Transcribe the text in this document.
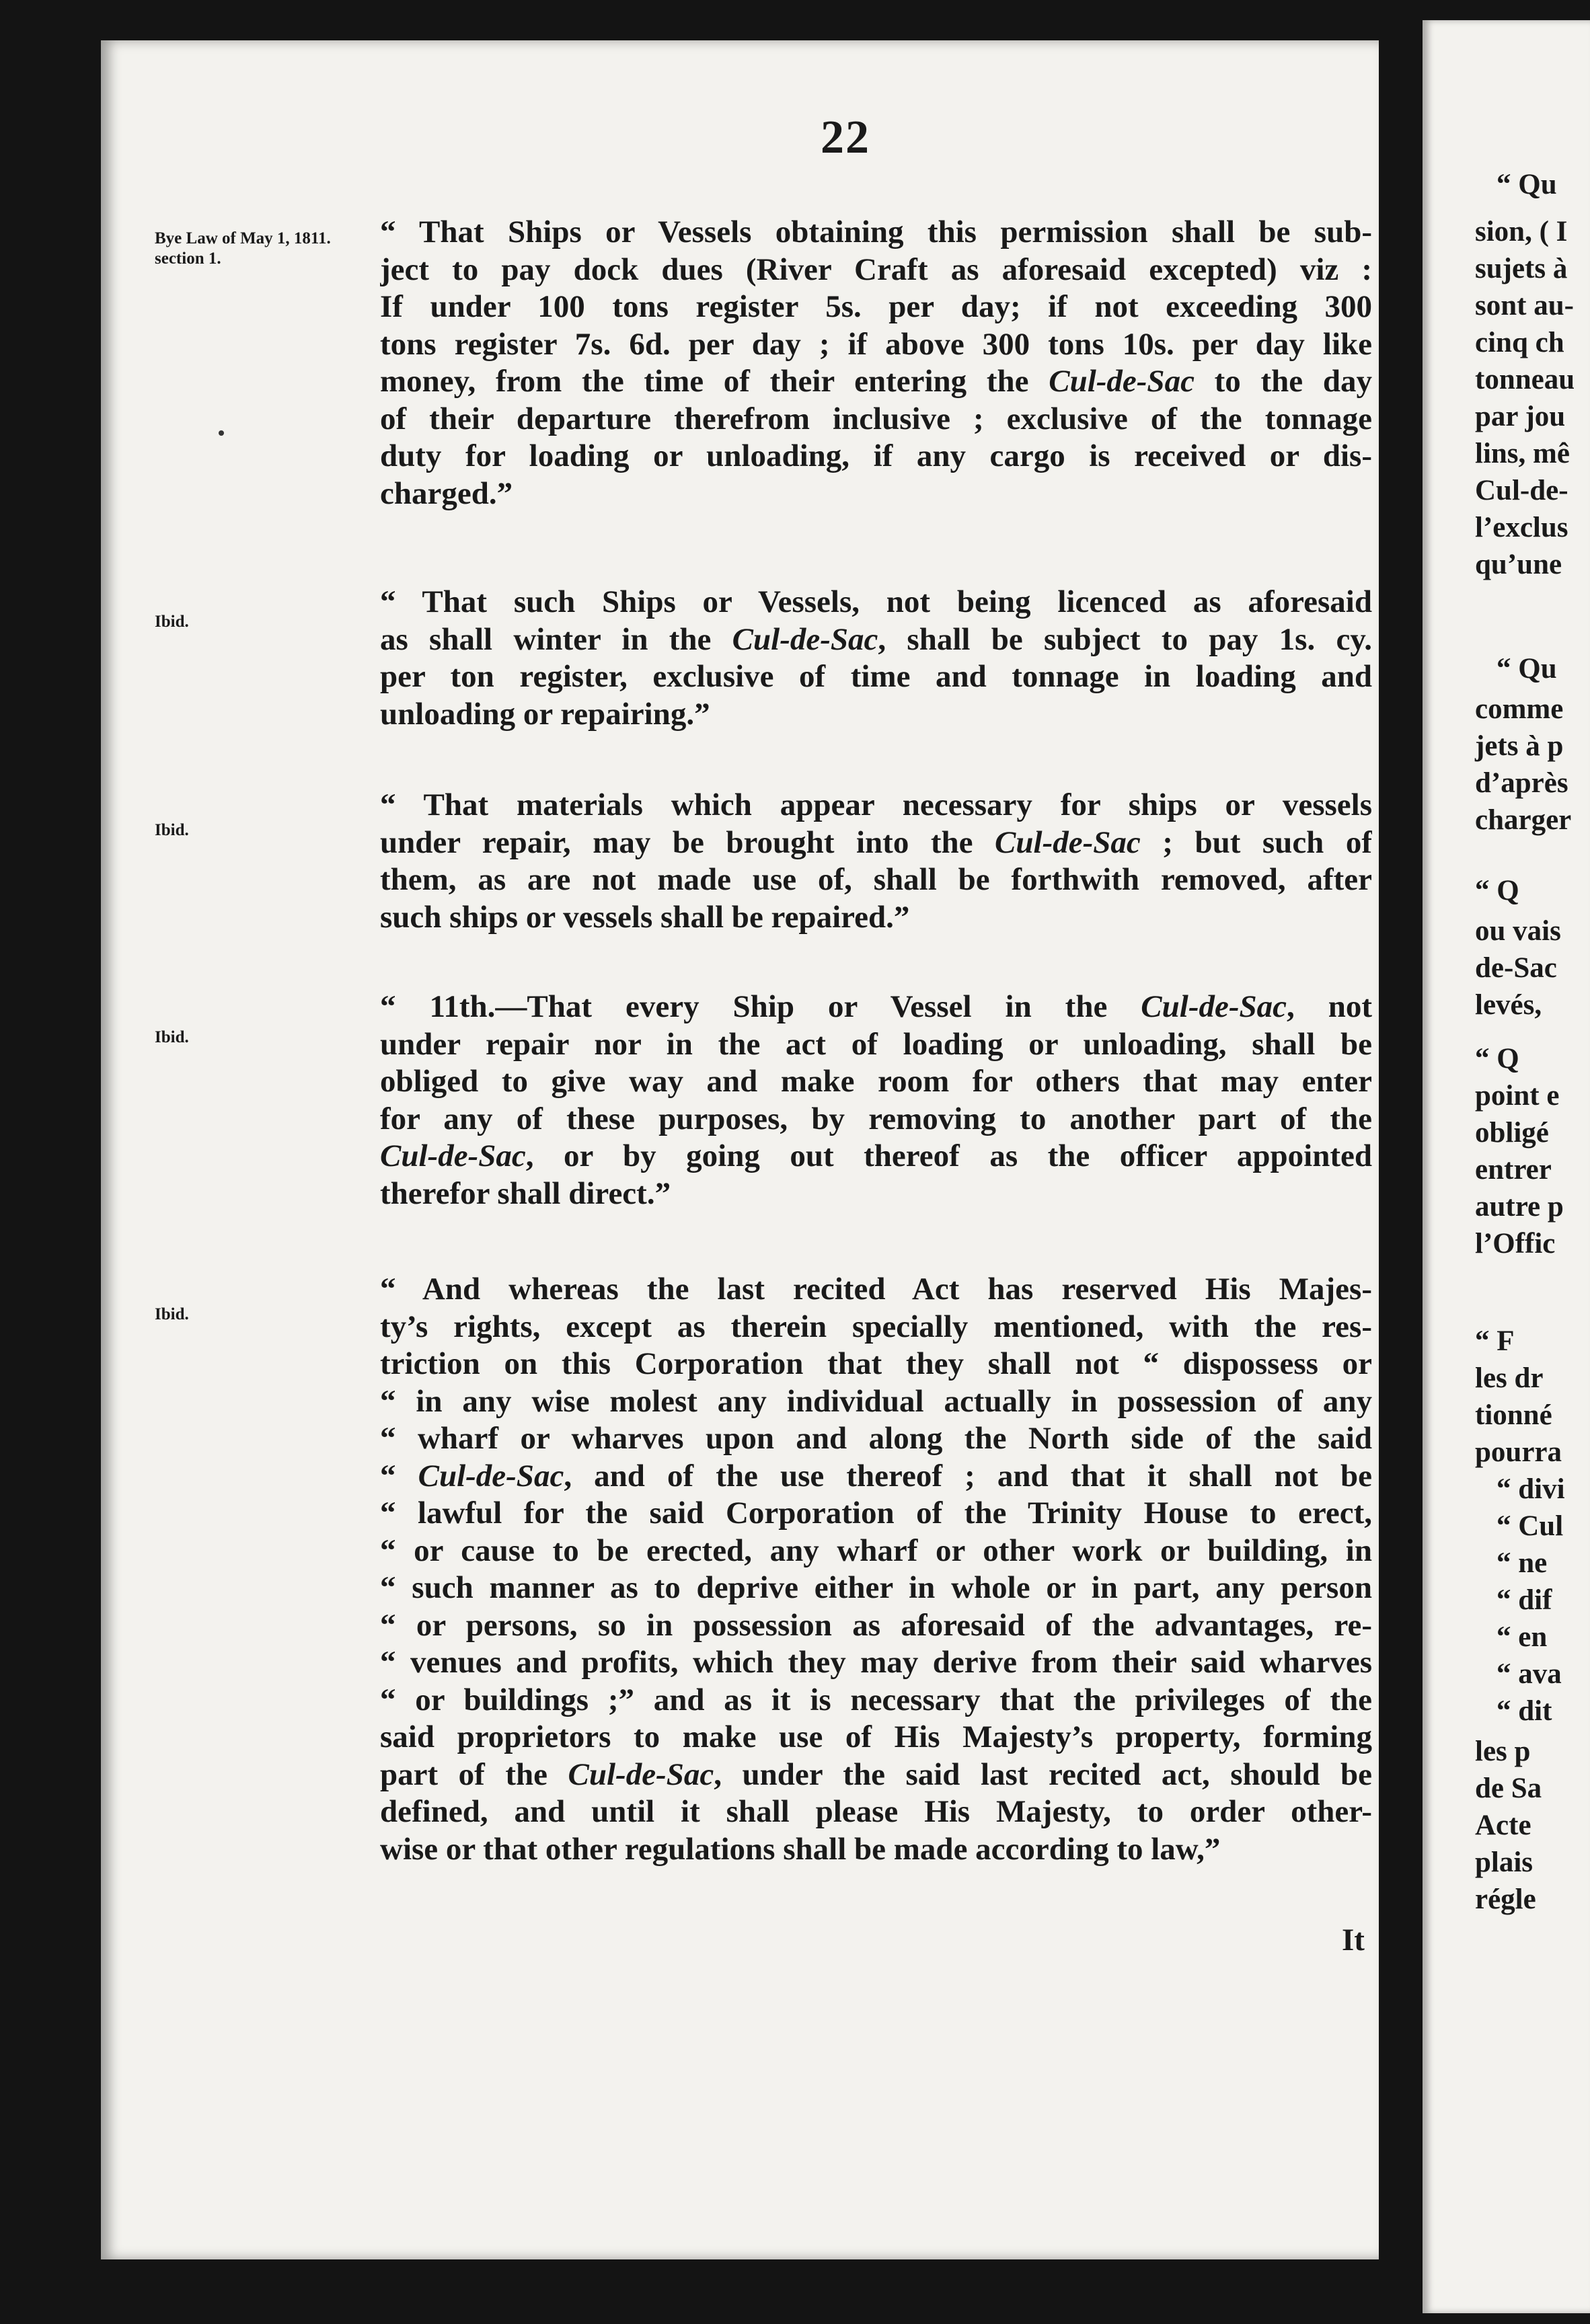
22
Bye Law of May 1, 1811. section 1.
Ibid.
Ibid.
Ibid.
Ibid.
“ That Ships or Vessels obtaining this permission shall be sub-
ject to pay dock dues (River Craft as aforesaid excepted) viz :
If under 100 tons register 5s. per day; if not exceeding 300
tons register 7s. 6d. per day ; if above 300 tons 10s. per day like
money, from the time of their entering the Cul-de-Sac to the day
of their departure therefrom inclusive ; exclusive of the tonnage
duty for loading or unloading, if any cargo is received or dis-
charged.”
“ That such Ships or Vessels, not being licenced as aforesaid
as shall winter in the Cul-de-Sac, shall be subject to pay 1s. cy.
per ton register, exclusive of time and tonnage in loading and
unloading or repairing.”
“ That materials which appear necessary for ships or vessels
under repair, may be brought into the Cul-de-Sac ; but such of
them, as are not made use of, shall be forthwith removed, after
such ships or vessels shall be repaired.”
“ 11th.—That every Ship or Vessel in the Cul-de-Sac, not
under repair nor in the act of loading or unloading, shall be
obliged to give way and make room for others that may enter
for any of these purposes, by removing to another part of the
Cul-de-Sac, or by going out thereof as the officer appointed
therefor shall direct.”
“ And whereas the last recited Act has reserved His Majes-
ty’s rights, except as therein specially mentioned, with the res-
triction on this Corporation that they shall not “ dispossess or
“ in any wise molest any individual actually in possession of any
“ wharf or wharves upon and along the North side of the said
“ Cul-de-Sac, and of the use thereof ; and that it shall not be
“ lawful for the said Corporation of the Trinity House to erect,
“ or cause to be erected, any wharf or other work or building, in
“ such manner as to deprive either in whole or in part, any person
“ or persons, so in possession as aforesaid of the advantages, re-
“ venues and profits, which they may derive from their said wharves
“ or buildings ;” and as it is necessary that the privileges of the
said proprietors to make use of His Majesty’s property, forming
part of the Cul-de-Sac, under the said last recited act, should be
defined, and until it shall please His Majesty, to order other-
wise or that other regulations shall be made according to law,”
It
“ Qu
sion, ( I
sujets à
sont au-
cinq ch
tonneau
par jou
lins, mê
Cul-de-
l’exclus
qu’une
“ Qu
comme
jets à p
d’après
charger
“ Q
ou vais
de-Sac
levés,
“ Q
point e
obligé
entrer
autre p
l’Offic
“ F
les dr
tionné
pourra
“ divi
“ Cul
“ ne
“ dif
“ en
“ ava
“ dit
les p
de Sa
Acte
plais
régle
